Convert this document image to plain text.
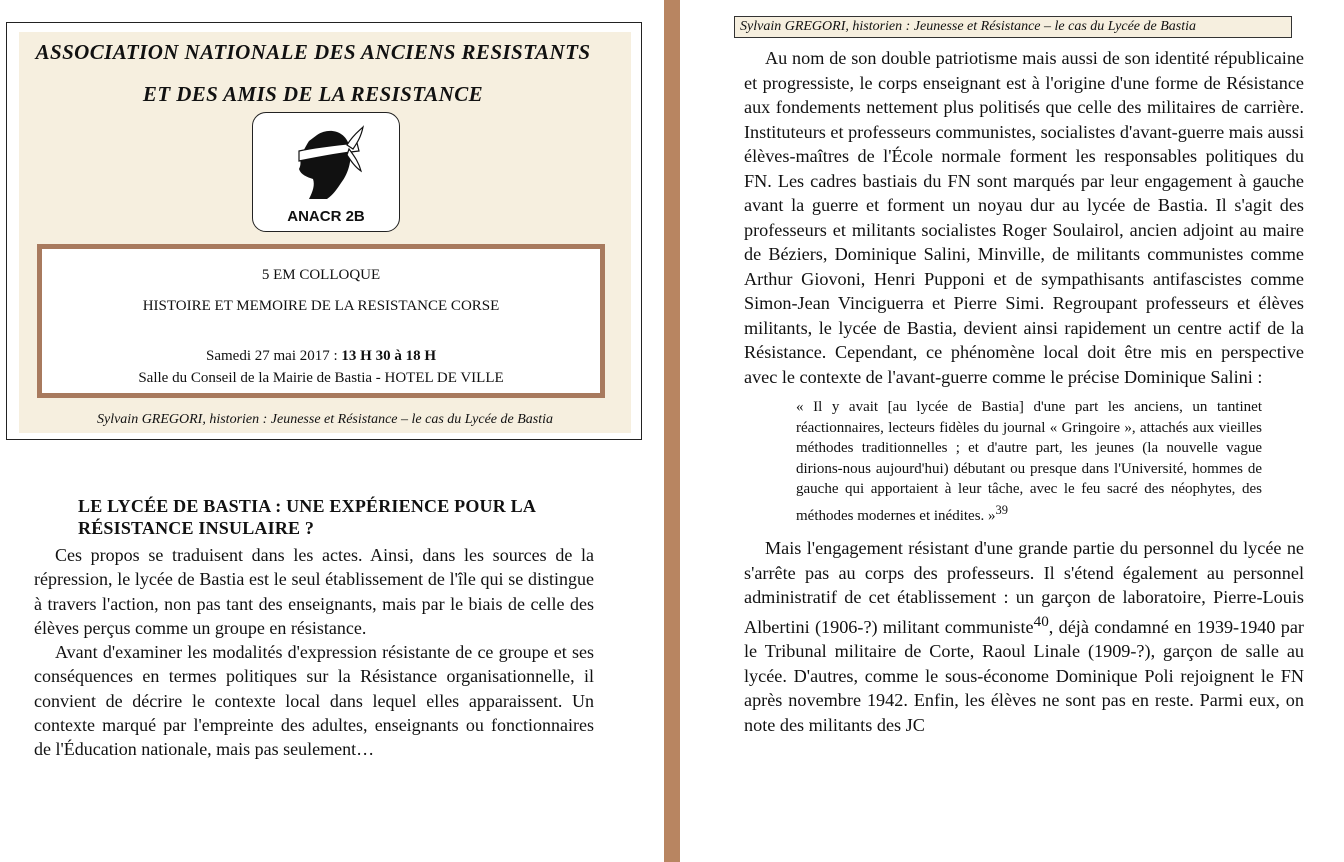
ASSOCIATION NATIONALE DES ANCIENS RESISTANTS
ET DES AMIS DE LA RESISTANCE
ANACR 2B
5 EM COLLOQUE
HISTOIRE ET MEMOIRE DE LA RESISTANCE CORSE
Samedi 27 mai 2017 : 13 H 30 à 18 H
Salle du Conseil de la Mairie de Bastia - HOTEL DE VILLE
Sylvain GREGORI, historien : Jeunesse et Résistance – le cas du Lycée de Bastia
LE LYCÉE DE BASTIA : UNE EXPÉRIENCE POUR LA RÉSISTANCE INSULAIRE ?

Ces propos se traduisent dans les actes. Ainsi, dans les sources de la répression, le lycée de Bastia est le seul établissement de l'île qui se distingue à travers l'action, non pas tant des enseignants, mais par le biais de celle des élèves perçus comme un groupe en résistance.

Avant d'examiner les modalités d'expression résistante de ce groupe et ses conséquences en termes politiques sur la Résistance organisationnelle, il convient de décrire le contexte local dans lequel elles apparaissent. Un contexte marqué par l'empreinte des adultes, enseignants ou fonctionnaires de l'Éducation nationale, mais pas seulement…

Sylvain GREGORI, historien : Jeunesse et Résistance – le cas du Lycée de Bastia

Au nom de son double patriotisme mais aussi de son identité républicaine et progressiste, le corps enseignant est à l'origine d'une forme de Résistance aux fondements nettement plus politisés que celle des militaires de carrière. Instituteurs et professeurs communistes, socialistes d'avant-guerre mais aussi élèves-maîtres de l'École normale forment les responsables politiques du FN. Les cadres bastiais du FN sont marqués par leur engagement à gauche avant la guerre et forment un noyau dur au lycée de Bastia. Il s'agit des professeurs et militants socialistes Roger Soulairol, ancien adjoint au maire de Béziers, Dominique Salini, Minville, de militants communistes comme Arthur Giovoni, Henri Pupponi et de sympathisants antifascistes comme Simon-Jean Vinciguerra et Pierre Simi. Regroupant professeurs et élèves militants, le lycée de Bastia, devient ainsi rapidement un centre actif de la Résistance. Cependant, ce phénomène local doit être mis en perspective avec le contexte de l'avant-guerre comme le précise Dominique Salini :

« Il y avait [au lycée de Bastia] d'une part les anciens, un tantinet réactionnaires, lecteurs fidèles du journal « Gringoire », attachés aux vieilles méthodes traditionnelles ; et d'autre part, les jeunes (la nouvelle vague dirions-nous aujourd'hui) débutant ou presque dans l'Université, hommes de gauche qui apportaient à leur tâche, avec le feu sacré des néophytes, des méthodes modernes et inédites. »$^{39}$

Mais l'engagement résistant d'une grande partie du personnel du lycée ne s'arrête pas au corps des professeurs. Il s'étend également au personnel administratif de cet établissement : un garçon de laboratoire, Pierre-Louis Albertini (1906-?) militant communiste$^{40}$, déjà condamné en 1939-1940 par le Tribunal militaire de Corte, Raoul Linale (1909-?), garçon de salle au lycée. D'autres, comme le sous-économe Dominique Poli rejoignent le FN après novembre 1942. Enfin, les élèves ne sont pas en reste. Parmi eux, on note des militants des JC
